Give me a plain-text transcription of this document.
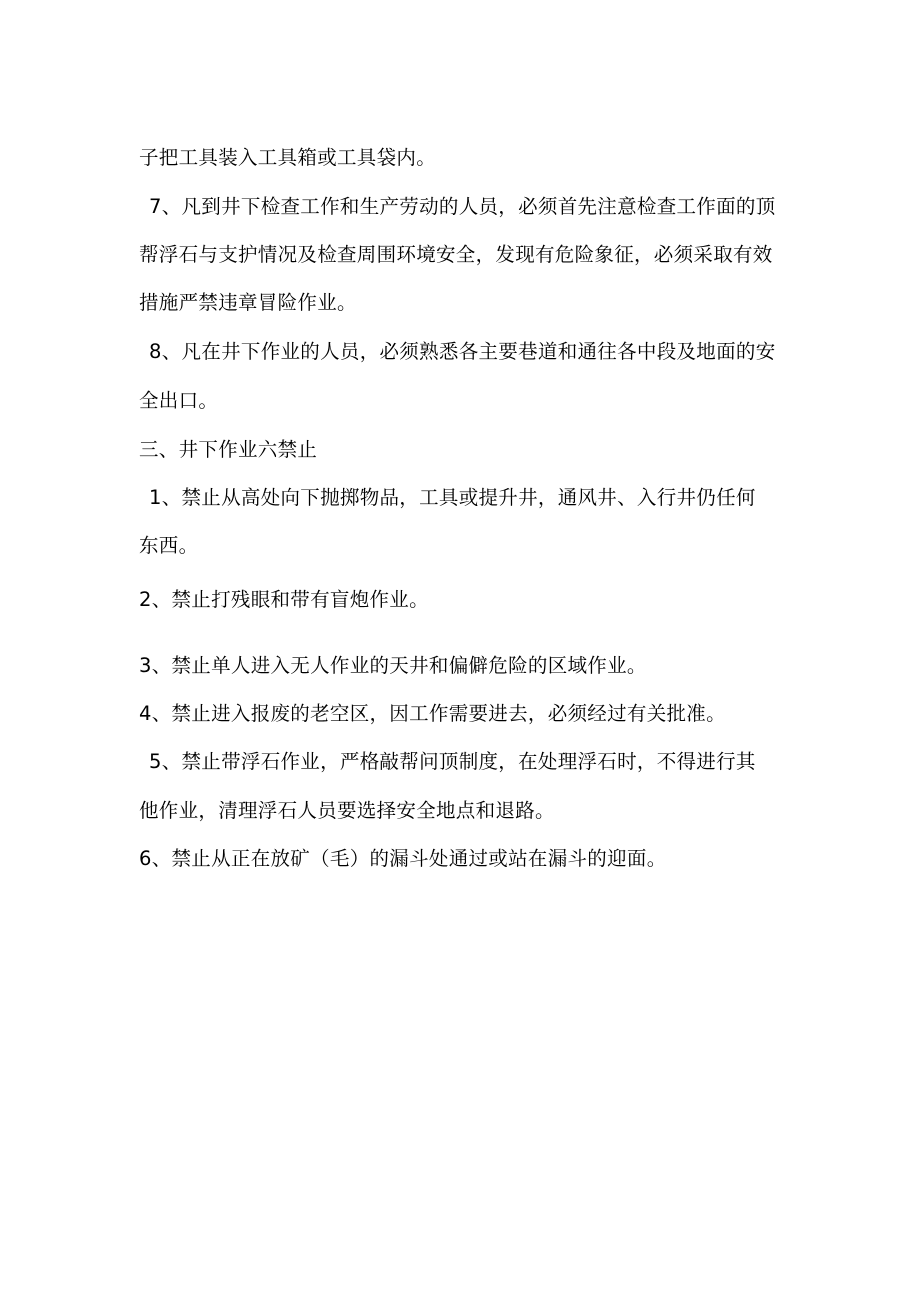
子把工具装入工具箱或工具袋内。
7、凡到井下检查工作和生产劳动的人员，必须首先注意检查工作面的顶
帮浮石与支护情况及检查周围环境安全，发现有危险象征，必须采取有效
措施严禁违章冒险作业。
8、凡在井下作业的人员，必须熟悉各主要巷道和通往各中段及地面的安
全出口。
三、井下作业六禁止
1、禁止从高处向下抛掷物品，工具或提升井，通风井、入行井仍任何
东西。
2、禁止打残眼和带有盲炮作业。
3、禁止单人进入无人作业的天井和偏僻危险的区域作业。
4、禁止进入报废的老空区，因工作需要进去，必须经过有关批准。
5、禁止带浮石作业，严格敲帮问顶制度，在处理浮石时，不得进行其
他作业，清理浮石人员要选择安全地点和退路。
6、禁止从正在放矿（毛）的漏斗处通过或站在漏斗的迎面。
